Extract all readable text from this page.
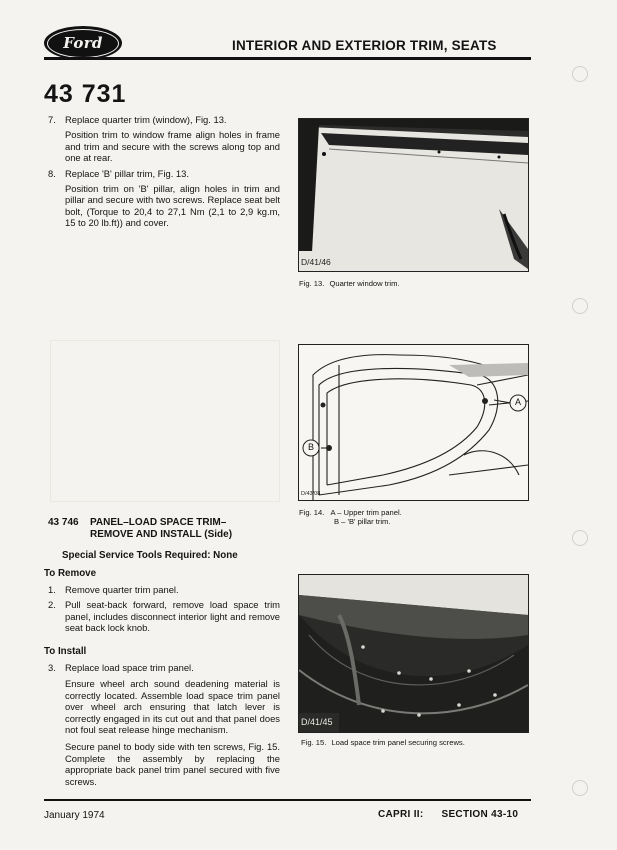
Ford	INTERIOR AND EXTERIOR TRIM, SEATS
43 731
7. Replace quarter trim (window), Fig. 13.
Position trim to window frame align holes in frame and trim and secure with the screws along top and one at rear.
8. Replace 'B' pillar trim, Fig. 13.
Position trim on 'B' pillar, align holes in trim and pillar and secure with two screws. Replace seat belt bolt, (Torque to 20,4 to 27,1 Nm (2,1 to 2,9 kg.m, 15 to 20 lb.ft)) and cover.
43 746	PANEL–LOAD SPACE TRIM–
REMOVE AND INSTALL (Side)
Special Service Tools Required: None
To Remove
1. Remove quarter trim panel.
2. Pull seat-back forward, remove load space trim panel, includes disconnect interior light and remove seat back lock knob.
To Install
3. Replace load space trim panel.
Ensure wheel arch sound deadening material is correctly located. Assemble load space trim panel over wheel arch ensuring that latch lever is correctly engaged in its cut out and that panel does not foul seat release hinge mechanism.
Secure panel to body side with ten screws, Fig. 15. Complete the assembly by replacing the appropriate back panel trim panel secured with five screws.
D/41/46
Fig. 13. Quarter window trim.
A
B
D/43/08
Fig. 14. A – Upper trim panel.
B – 'B' pillar trim.
D/41/45
Fig. 15. Load space trim panel securing screws.
January 1974	CAPRI II: SECTION 43-10
